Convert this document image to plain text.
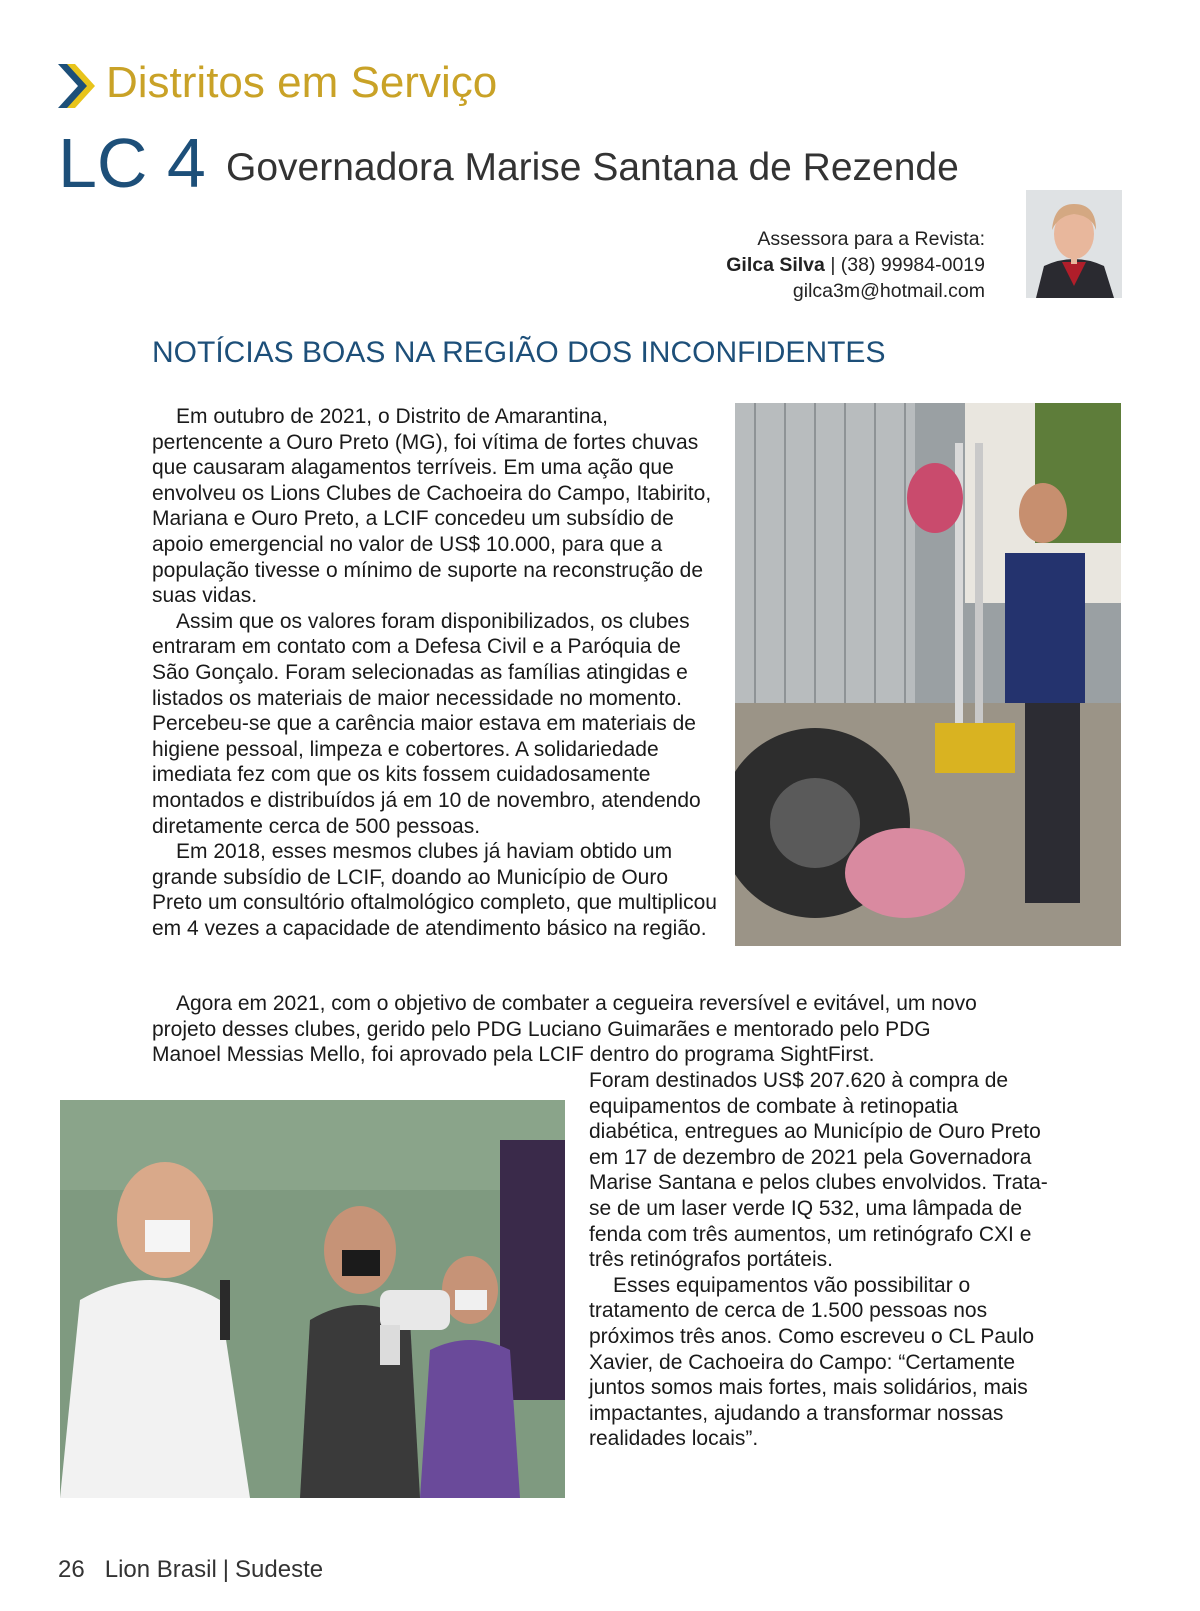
Distritos em Serviço
LC 4 Governadora Marise Santana de Rezende
Assessora para a Revista:
Gilca Silva | (38) 99984-0019
gilca3m@hotmail.com
NOTÍCIAS BOAS NA REGIÃO DOS INCONFIDENTES

Em outubro de 2021, o Distrito de Amarantina, pertencente a Ouro Preto (MG), foi vítima de fortes chuvas que causaram alagamentos terríveis. Em uma ação que envolveu os Lions Clubes de Cachoeira do Campo, Itabirito, Mariana e Ouro Preto, a LCIF concedeu um subsídio de apoio emergencial no valor de US$ 10.000, para que a população tivesse o mínimo de suporte na reconstrução de suas vidas.

Assim que os valores foram disponibilizados, os clubes entraram em contato com a Defesa Civil e a Paróquia de São Gonçalo. Foram selecionadas as famílias atingidas e listados os materiais de maior necessidade no momento. Percebeu-se que a carência maior estava em materiais de higiene pessoal, limpeza e cobertores. A solidariedade imediata fez com que os kits fossem cuidadosamente montados e distribuídos já em 10 de novembro, atendendo diretamente cerca de 500 pessoas.

Em 2018, esses mesmos clubes já haviam obtido um grande subsídio de LCIF, doando ao Município de Ouro Preto um consultório oftalmológico completo, que multiplicou em 4 vezes a capacidade de atendimento básico na região.

Agora em 2021, com o objetivo de combater a cegueira reversível e evitável, um novo projeto desses clubes, gerido pelo PDG Luciano Guimarães e mentorado pelo PDG Manoel Messias Mello, foi aprovado pela LCIF dentro do programa SightFirst.

Foram destinados US$ 207.620 à compra de equipamentos de combate à retinopatia diabética, entregues ao Município de Ouro Preto em 17 de dezembro de 2021 pela Governadora Marise Santana e pelos clubes envolvidos. Trata-se de um laser verde IQ 532, uma lâmpada de fenda com três aumentos, um retinógrafo CXI e três retinógrafos portáteis.

Esses equipamentos vão possibilitar o tratamento de cerca de 1.500 pessoas nos próximos três anos. Como escreveu o CL Paulo Xavier, de Cachoeira do Campo: “Certamente juntos somos mais fortes, mais solidários, mais impactantes, ajudando a transformar nossas realidades locais”.

26 Lion Brasil | Sudeste
